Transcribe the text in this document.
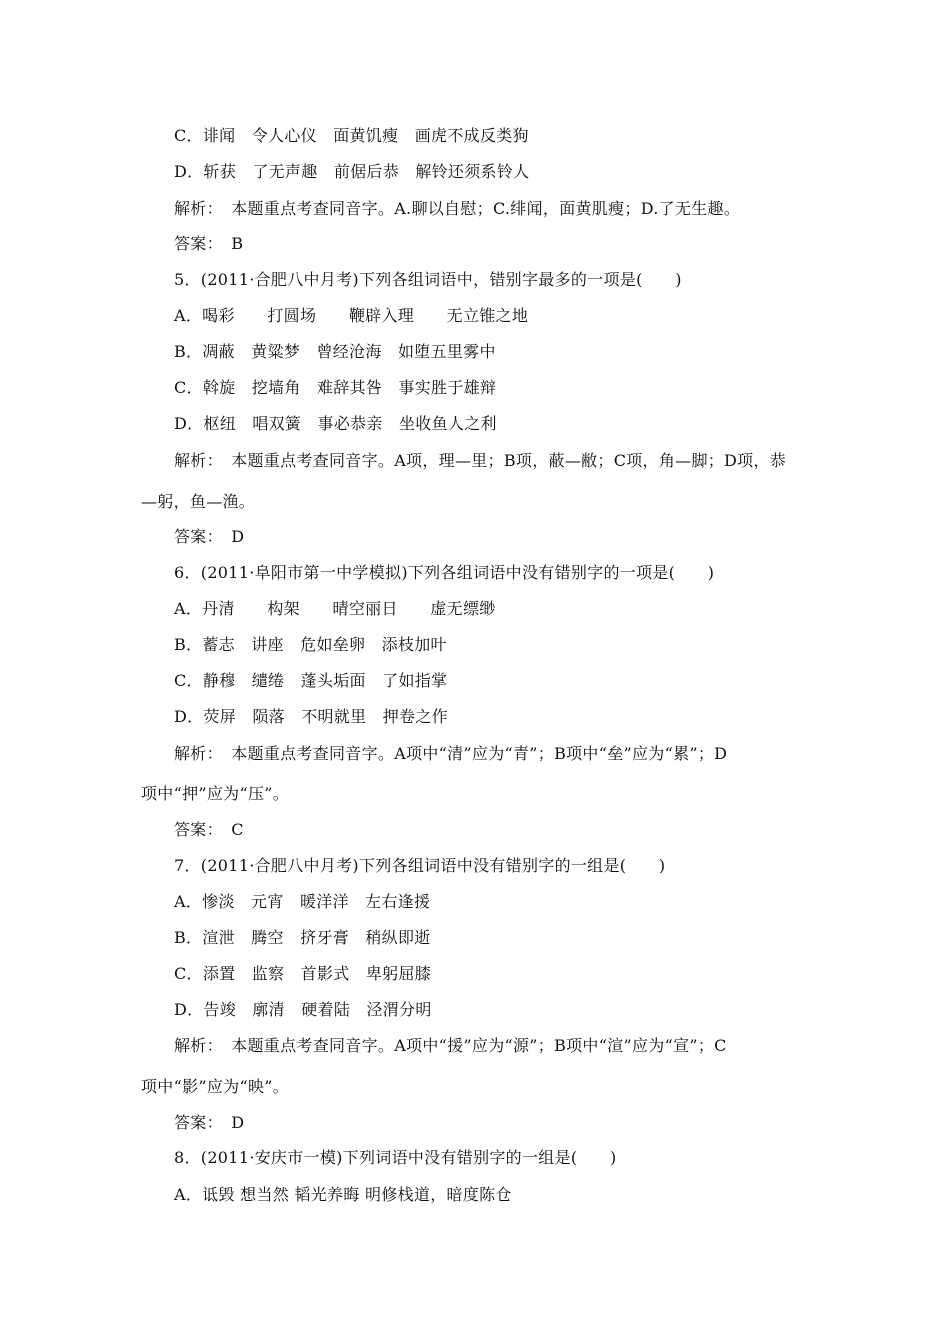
C．诽闻　令人心仪　面黄饥瘦　画虎不成反类狗
D．斩获　了无声趣　前倨后恭　解铃还须系铃人
解析：　本题重点考查同音字。A.聊以自慰；C.绯闻，面黄肌瘦；D.了无生趣。
答案：　B
5．(2011·合肥八中月考)下列各组词语中，错别字最多的一项是(　　)
A．喝彩　　打圆场　　鞭辟入理　　无立锥之地
B．凋蔽　黄粱梦　曾经沧海　如堕五里雾中
C．斡旋　挖墙角　难辞其咎　事实胜于雄辩
D．枢纽　唱双簧　事必恭亲　坐收鱼人之利
解析：　本题重点考查同音字。A项，理—里；B项，蔽—敝；C项，角—脚；D项，恭
—躬，鱼—渔。
答案：　D
6．(2011·阜阳市第一中学模拟)下列各组词语中没有错别字的一项是(　　)
A．丹清　　构架　　晴空丽日　　虚无缥缈
B．蓄志　讲座　危如垒卵　添枝加叶
C．静穆　缱绻　蓬头垢面　了如指掌
D．荧屏　陨落　不明就里　押卷之作
解析：　本题重点考查同音字。A项中“清”应为“青”；B项中“垒”应为“累”；D
项中“押”应为“压”。
答案：　C
7．(2011·合肥八中月考)下列各组词语中没有错别字的一组是(　　)
A．惨淡　元宵　暖洋洋　左右逢援
B．渲泄　腾空　挤牙膏　稍纵即逝
C．添置　监察　首影式　卑躬屈膝
D．告竣　廓清　硬着陆　泾渭分明
解析：　本题重点考查同音字。A项中“援”应为“源”；B项中“渲”应为“宣”；C
项中“影”应为“映”。
答案：　D
8．(2011·安庆市一模)下列词语中没有错别字的一组是(　　)
A．诋毁 想当然 韬光养晦 明修栈道，暗度陈仓
